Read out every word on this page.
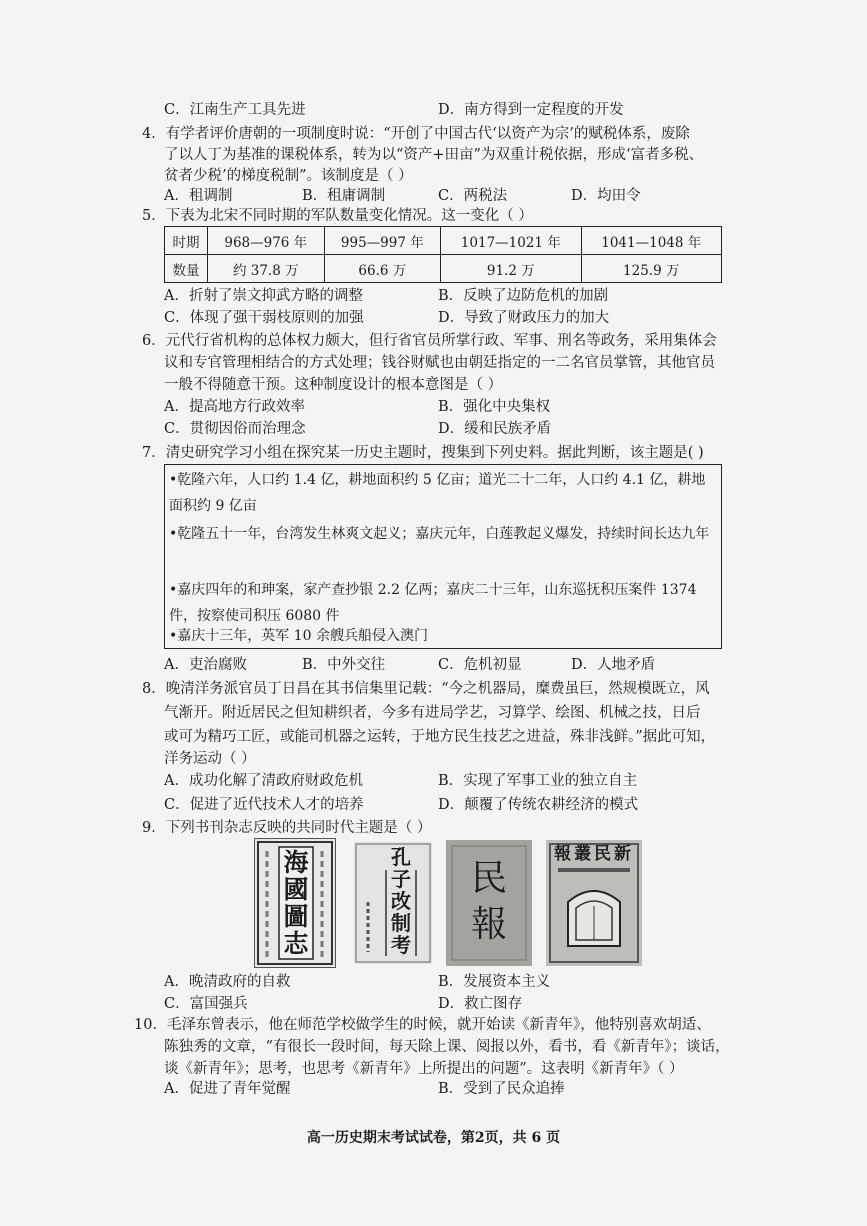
C．江南生产工具先进	D．南方得到一定程度的开发
4．有学者评价唐朝的一项制度时说：“开创了中国古代‘以资产为宗’的赋税体系，废除
了以人丁为基准的课税体系，转为以“资产+田亩”为双重计税依据，形成‘富者多税、
贫者少税’的梯度税制”。该制度是（ ）
A．租调制	B．租庸调制	C．两税法	D．均田令
5．下表为北宋不同时期的军队数量变化情况。这一变化（ ）
时期	968—976 年	995—997 年	1017—1021 年	1041—1048 年
数量	约 37.8 万	66.6 万	91.2 万	125.9 万
A．折射了崇文抑武方略的调整	B．反映了边防危机的加剧
C．体现了强干弱枝原则的加强	D．导致了财政压力的加大
6．元代行省机构的总体权力颇大，但行省官员所掌行政、军事、刑名等政务，采用集体会
议和专官管理相结合的方式处理；钱谷财赋也由朝廷指定的一二名官员掌管，其他官员
一般不得随意干预。这种制度设计的根本意图是（ ）
A．提高地方行政效率	B．强化中央集权
C．贯彻因俗而治理念	D．缓和民族矛盾
7．清史研究学习小组在探究某一历史主题时，搜集到下列史料。据此判断，该主题是( )
•乾隆六年，人口约 1.4 亿，耕地面积约 5 亿亩；道光二十二年，人口约 4.1 亿，耕地面积约 9 亿亩
•乾隆五十一年，台湾发生林爽文起义；嘉庆元年，白莲教起义爆发，持续时间长达九年
•嘉庆四年的和珅案，家产查抄银 2.2 亿两；嘉庆二十三年，山东巡抚积压案件 1374 件，按察使司积压 6080 件
•嘉庆十三年，英军 10 余艘兵船侵入澳门
A．吏治腐败	B．中外交往	C．危机初显	D．人地矛盾
8．晚清洋务派官员丁日昌在其书信集里记载：“今之机器局，糜费虽巨，然规模既立，风
气渐开。附近居民之但知耕织者，今多有进局学艺，习算学、绘图、机械之技，日后
或可为精巧工匠，或能司机器之运转，于地方民生技艺之进益，殊非浅鲜。”据此可知，
洋务运动（ ）
A．成功化解了清政府财政危机	B．实现了军事工业的独立自主
C．促进了近代技术人才的培养	D．颠覆了传统农耕经济的模式
9．下列书刊杂志反映的共同时代主题是（ ）
海國圖志
孔子改制考
民報
新民叢報
A．晚清政府的自救	B．发展资本主义
C．富国强兵	D．救亡图存
10．毛泽东曾表示，他在师范学校做学生的时候，就开始读《新青年》，他特别喜欢胡适、
陈独秀的文章，“有很长一段时间，每天除上课、阅报以外，看书，看《新青年》；谈话，
谈《新青年》；思考，也思考《新青年》上所提出的问题”。这表明《新青年》（ ）
A．促进了青年觉醒	B．受到了民众追捧
高一历史期末考试试卷，第2页，共 6 页
